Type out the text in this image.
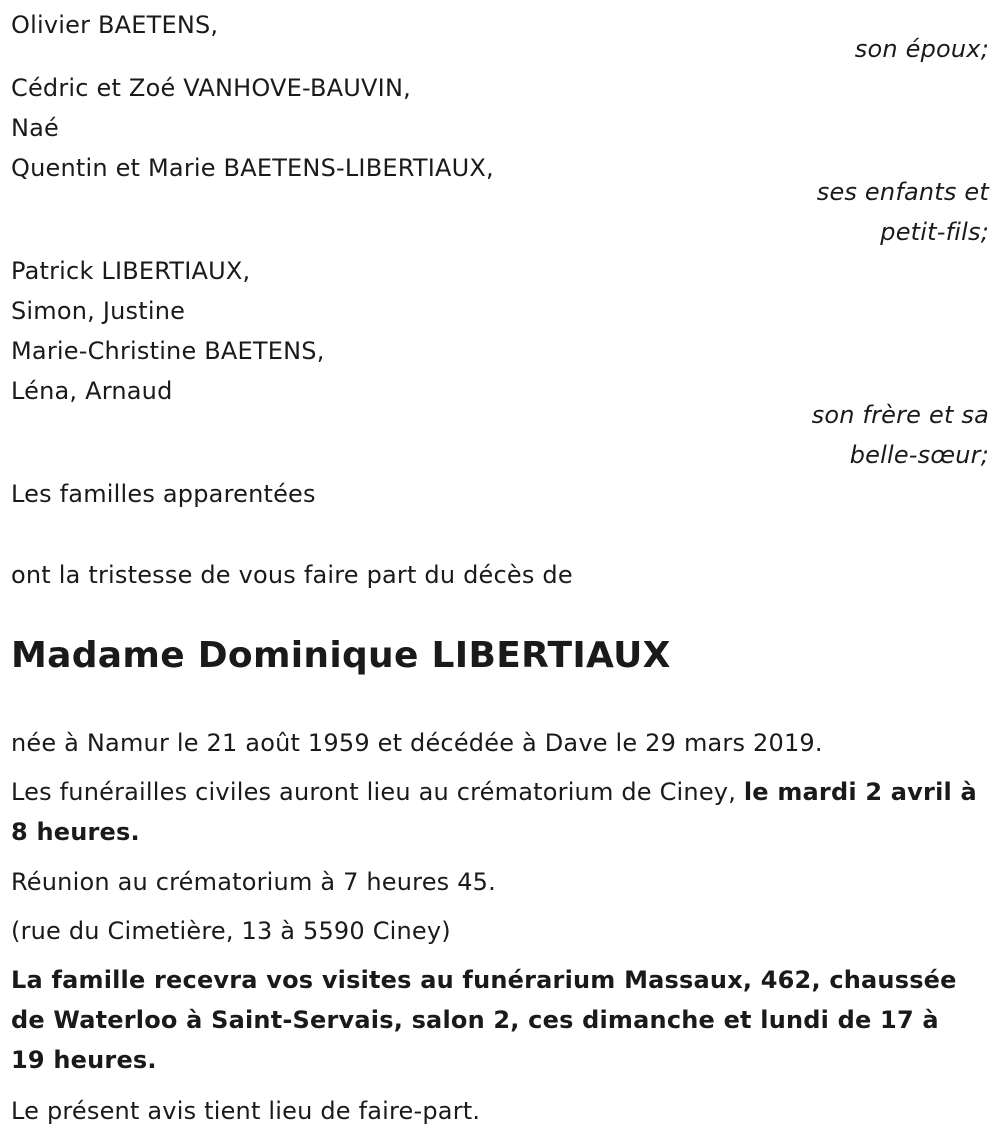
Olivier BAETENS,
son époux;
Cédric et Zoé VANHOVE-BAUVIN,
Naé
Quentin et Marie BAETENS-LIBERTIAUX,
ses enfants et
petit-fils;
Patrick LIBERTIAUX,
Simon, Justine
Marie-Christine BAETENS,
Léna, Arnaud
son frère et sa
belle-sœur;
Les familles apparentées
ont la tristesse de vous faire part du décès de
Madame Dominique LIBERTIAUX
née à Namur le 21 août 1959 et décédée à Dave le 29 mars 2019.
Les funérailles civiles auront lieu au crématorium de Ciney, le mardi 2 avril à 8 heures.
Réunion au crématorium à 7 heures 45.
(rue du Cimetière, 13 à 5590 Ciney)
La famille recevra vos visites au funérarium Massaux, 462, chaussée de Waterloo à Saint-Servais, salon 2, ces dimanche et lundi de 17 à 19 heures.
Le présent avis tient lieu de faire-part.
